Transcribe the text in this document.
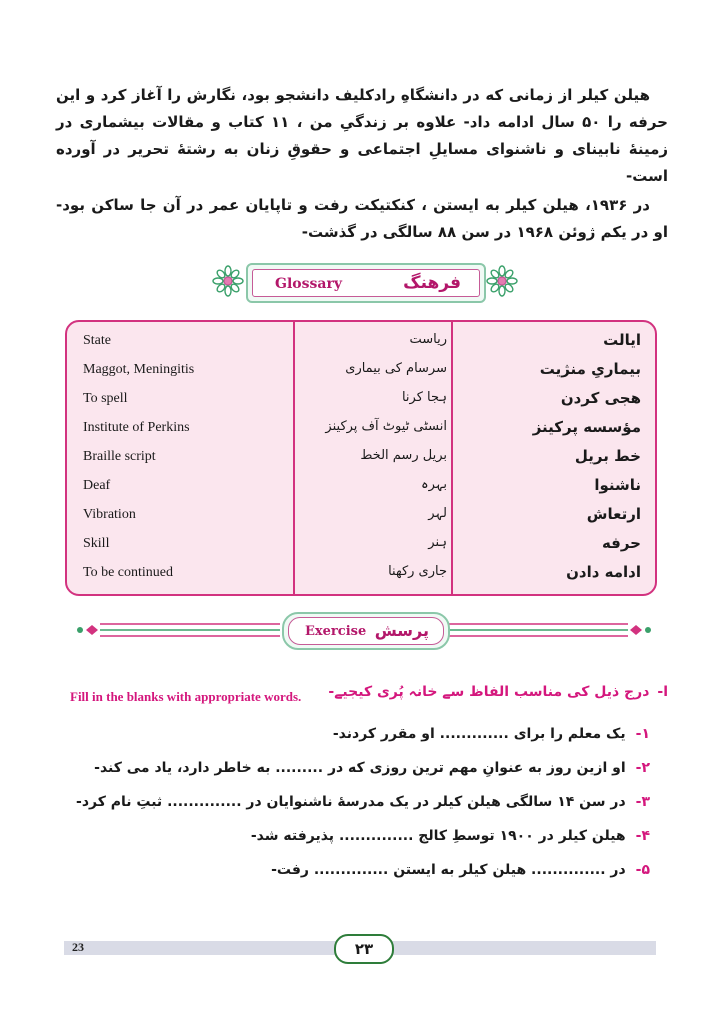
هیلن کیلر از زمانی که در دانشگاهِ رادکلیف دانشجو بود، نگارش را آغاز کرد و این حرفه را ۵۰ سال ادامه داد- علاوه بر زندگیِ من ، ۱۱ کتاب و مقالات بیشماری در زمینهٔ نابینای و ناشنوای مسایلِ اجتماعی و حقوقِ زنان به رشتهٔ تحریر در آورده است-

در ۱۹۳۶، هیلن کیلر به ایستن ، کنکتیکت رفت و تاپایان عمر در آن جا ساکن بود- او در یکم ژوئن ۱۹۶۸ در سن ۸۸ سالگی در گذشت-

Glossary	فرهنگ
State	ریاست	ایالت
Maggot, Meningitis	سرسام کی بیماری	بیماریِ منژیت
To spell	ہجا کرنا	هجی کردن
Institute of Perkins	انسٹی ٹیوٹ آف پرکینز	مؤسسه پرکینز
Braille script	بریل رسم الخط	خط بریل
Deaf	بہرہ	ناشنوا
Vibration	لہر	ارتعاش
Skill	ہنر	حرفه
To be continued	جاری رکھنا	ادامه دادن
Exercise پرسش
Fill in the blanks with appropriate words.	ا-درج ذیل کی مناسب الفاظ سے خانہ پُری کیجیے-
۱-یک معلم را برای ............. او مقرر کردند-
۲-او ازین روز به عنوانِ مهم ترین روزی که در ......... به خاطر دارد، یاد می کند-
۳-در سن ۱۴ سالگی هیلن کیلر در یک مدرسهٔ ناشنوایان در .............. ثبتِ نام کرد-
۴-هیلن کیلر در ۱۹۰۰ توسطِ کالج .............. پذیرفته شد-
۵-در .............. هیلن کیلر به ایستن .............. رفت-
23	۲۳
